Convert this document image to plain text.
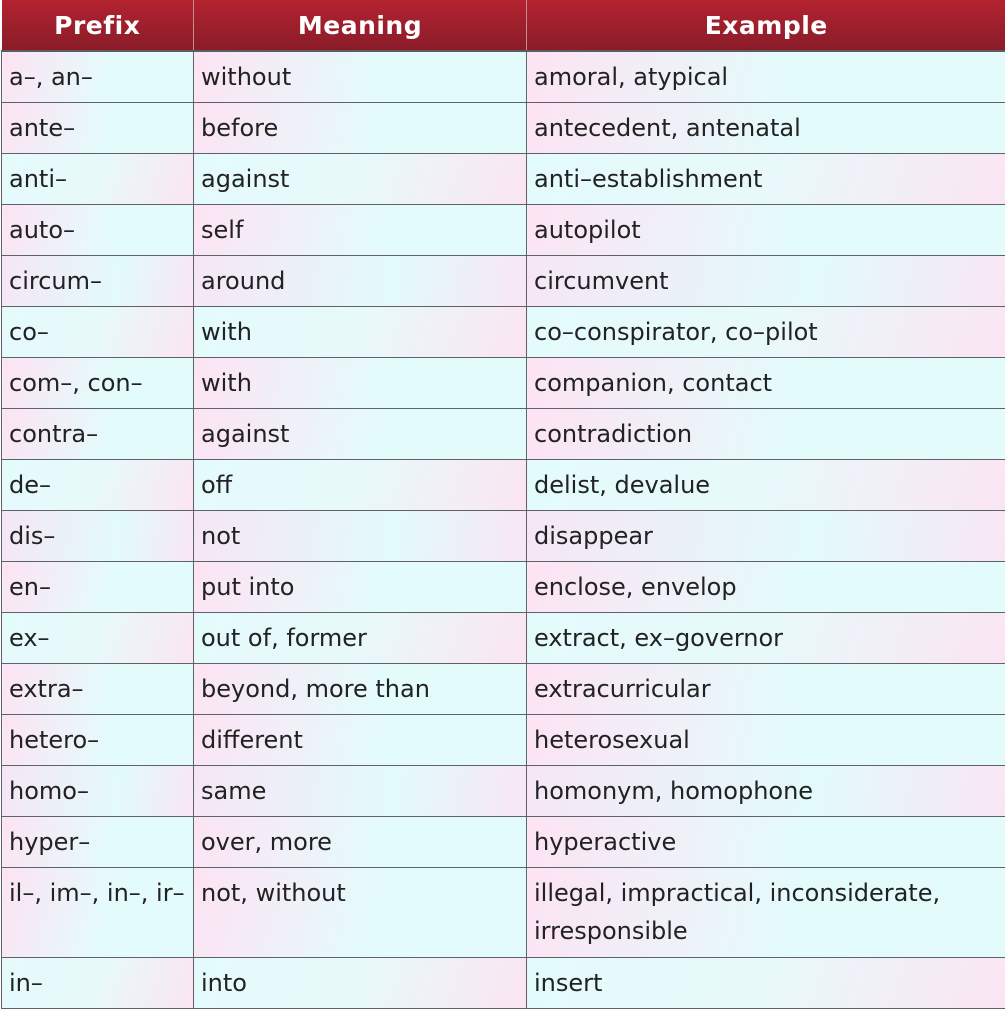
Prefix	Meaning	Example
a–, an–	without	amoral, atypical
ante–	before	antecedent, antenatal
anti–	against	anti–establishment
auto–	self	autopilot
circum–	around	circumvent
co–	with	co–conspirator, co–pilot
com–, con–	with	companion, contact
contra–	against	contradiction
de–	off	delist, devalue
dis–	not	disappear
en–	put into	enclose, envelop
ex–	out of, former	extract, ex–governor
extra–	beyond, more than	extracurricular
hetero–	different	heterosexual
homo–	same	homonym, homophone
hyper–	over, more	hyperactive
il–, im–, in–, ir–	not, without	illegal, impractical, inconsiderate, irresponsible
in–	into	insert
